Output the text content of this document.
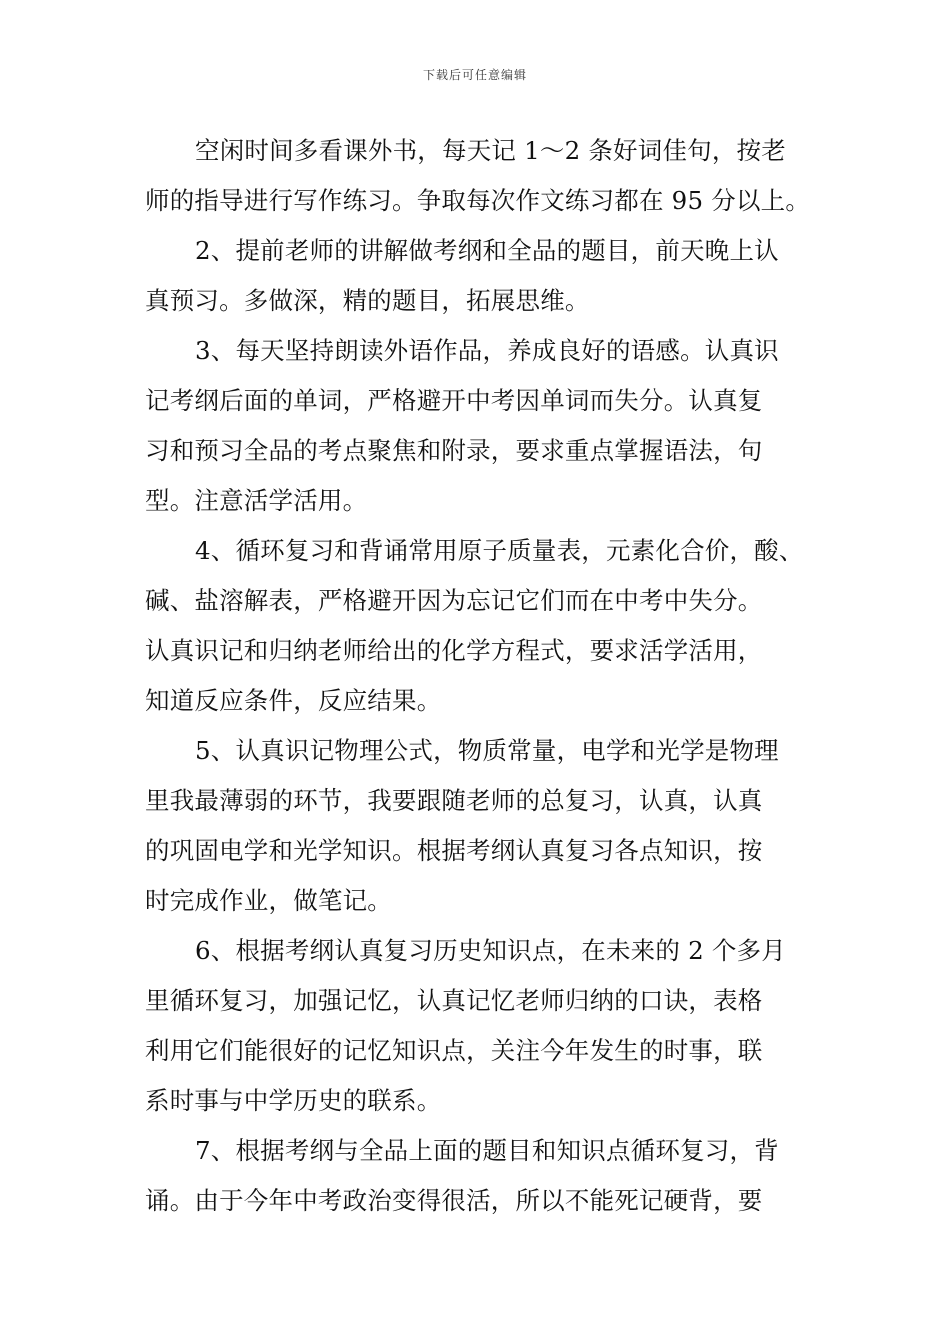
下载后可任意编辑
空闲时间多看课外书，每天记 1～2 条好词佳句，按老
师的指导进行写作练习。争取每次作文练习都在 95 分以上。
2、提前老师的讲解做考纲和全品的题目，前天晚上认
真预习。多做深，精的题目，拓展思维。
3、每天坚持朗读外语作品，养成良好的语感。认真识
记考纲后面的单词，严格避开中考因单词而失分。认真复
习和预习全品的考点聚焦和附录，要求重点掌握语法，句
型。注意活学活用。
4、循环复习和背诵常用原子质量表，元素化合价，酸、
碱、盐溶解表，严格避开因为忘记它们而在中考中失分。
认真识记和归纳老师给出的化学方程式，要求活学活用，
知道反应条件，反应结果。
5、认真识记物理公式，物质常量，电学和光学是物理
里我最薄弱的环节，我要跟随老师的总复习，认真，认真
的巩固电学和光学知识。根据考纲认真复习各点知识，按
时完成作业，做笔记。
6、根据考纲认真复习历史知识点，在未来的 2 个多月
里循环复习，加强记忆，认真记忆老师归纳的口诀，表格
利用它们能很好的记忆知识点，关注今年发生的时事，联
系时事与中学历史的联系。
7、根据考纲与全品上面的题目和知识点循环复习，背
诵。由于今年中考政治变得很活，所以不能死记硬背，要
